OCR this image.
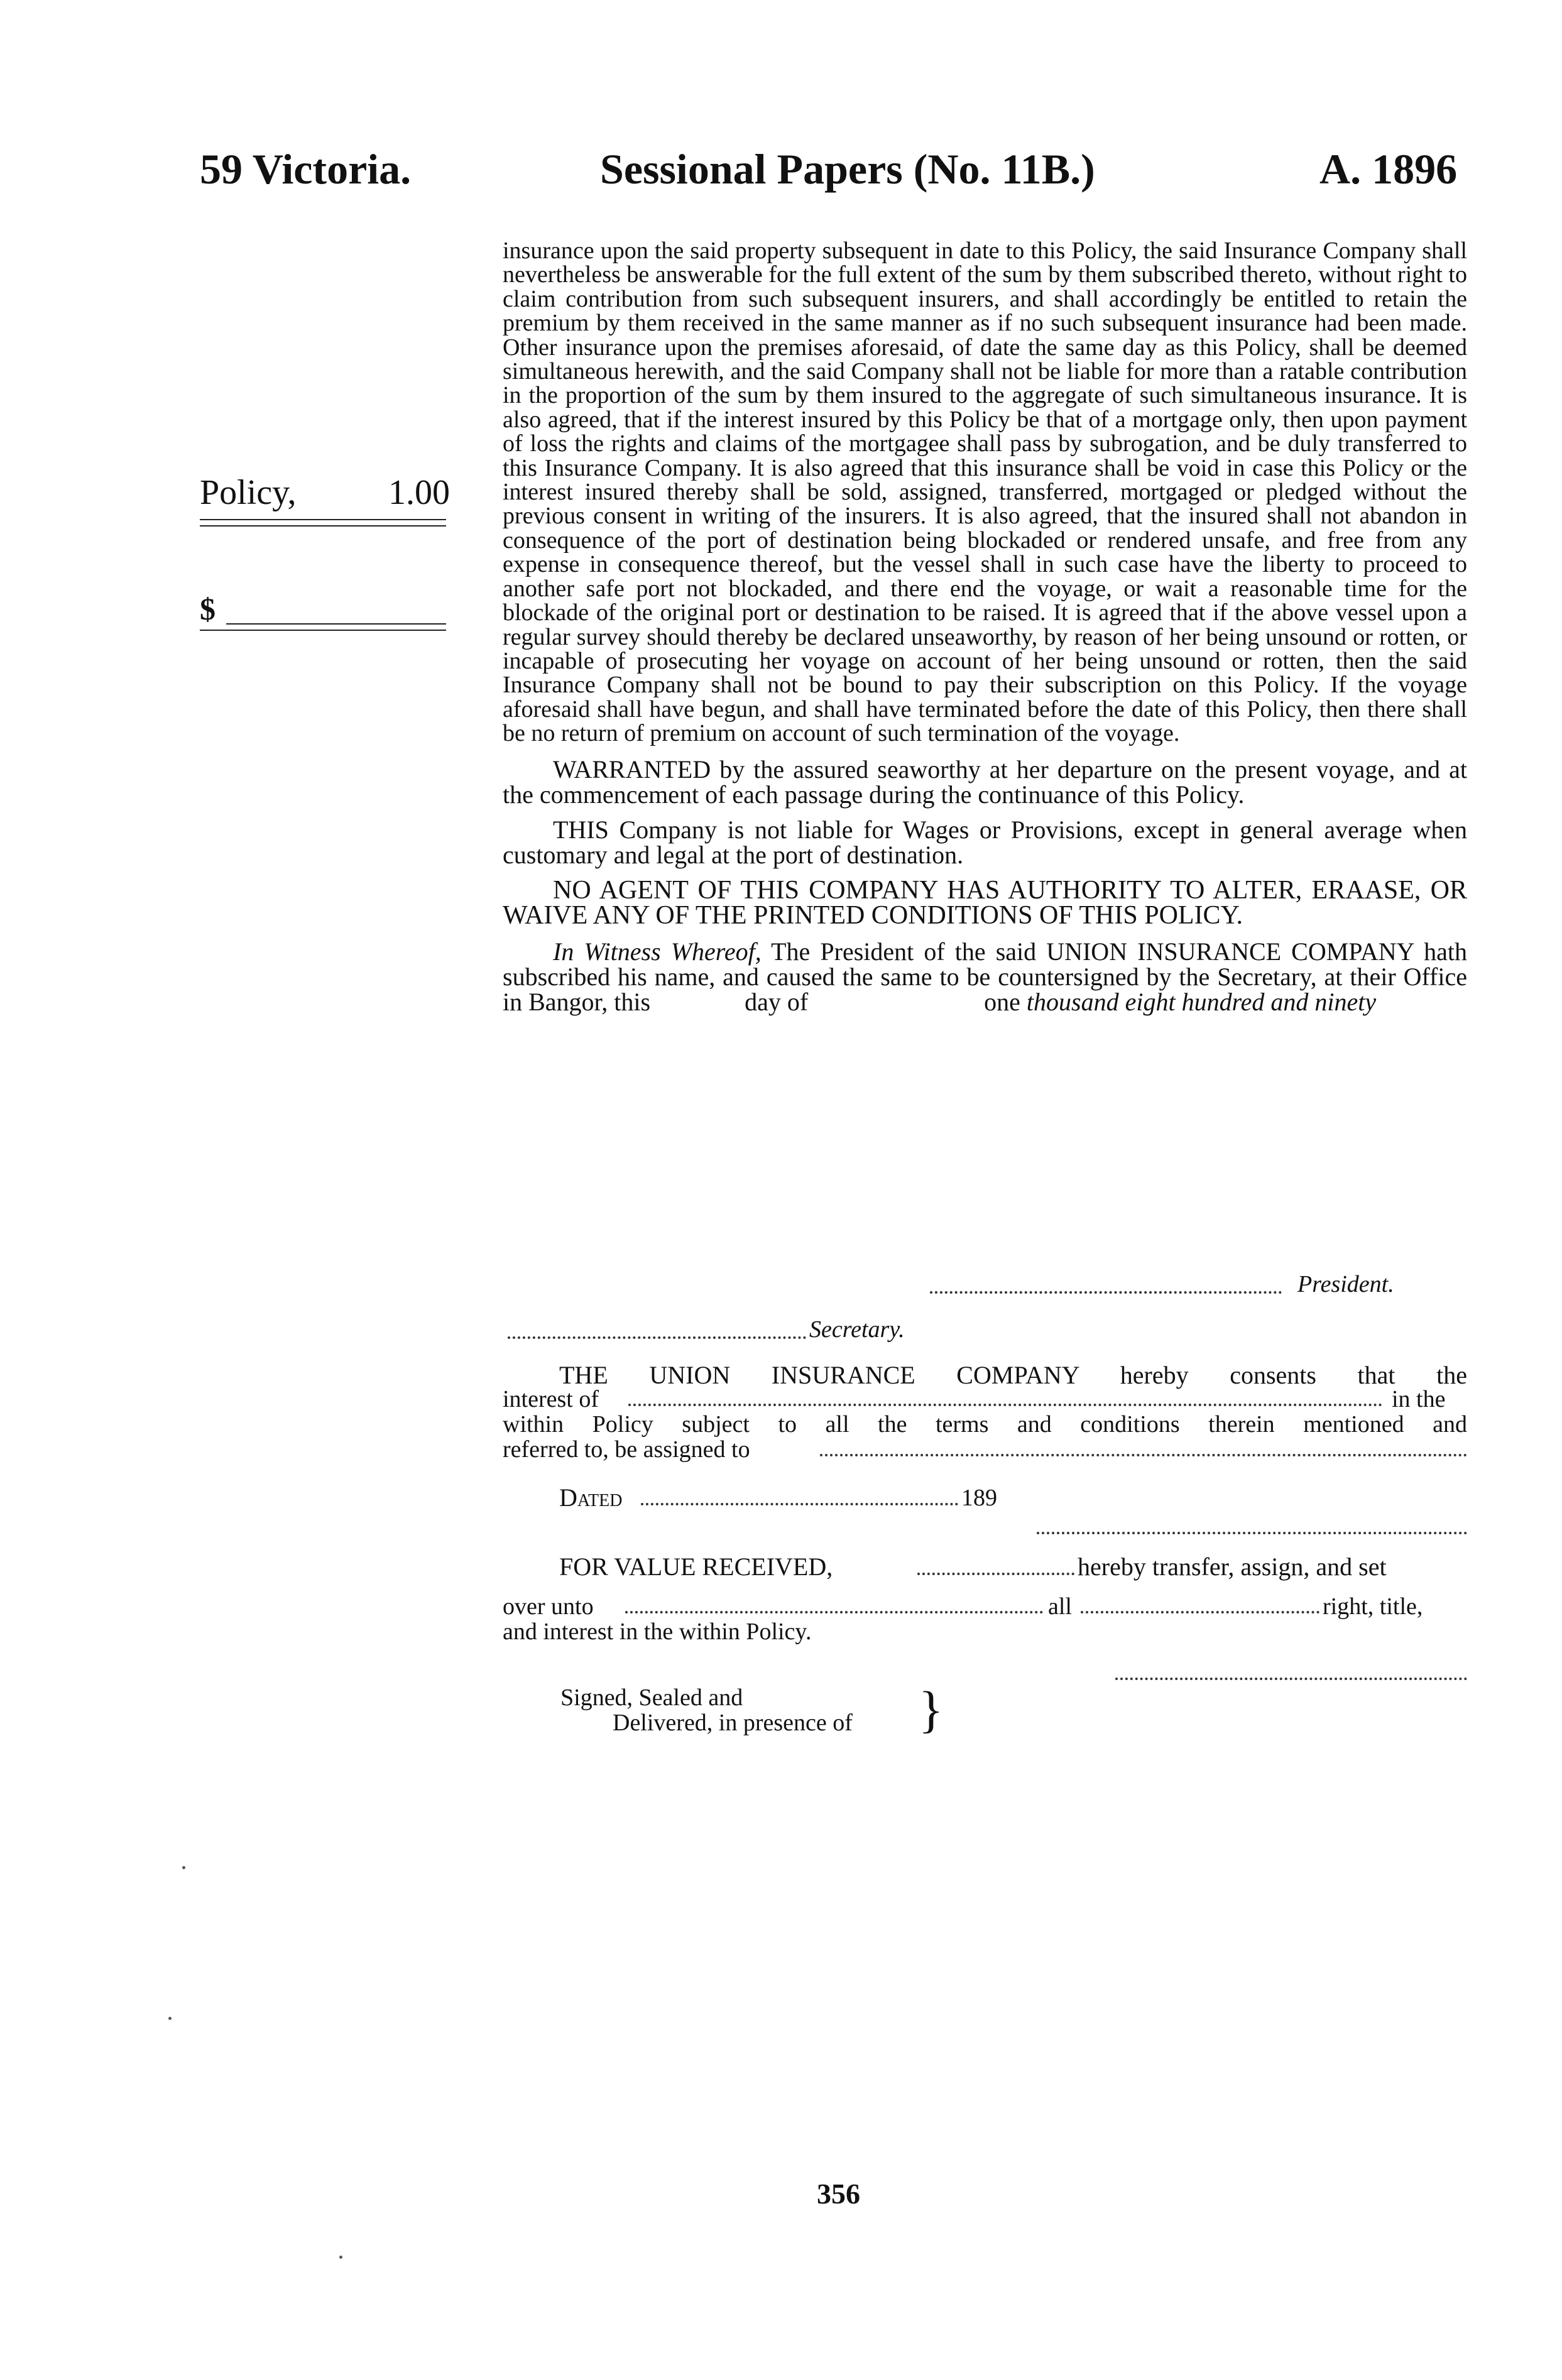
59 Victoria.	Sessional Papers (No. 11B.)	A. 1896
Policy,	1.00
$

insurance upon the said property subsequent in date to this Policy, the said Insurance Company shall nevertheless be answerable for the full extent of the sum by them subscribed thereto, without right to claim contribution from such subsequent insurers, and shall accordingly be entitled to retain the premium by them received in the same manner as if no such subsequent insurance had been made. Other insurance upon the premises aforesaid, of date the same day as this Policy, shall be deemed simultaneous herewith, and the said Company shall not be liable for more than a ratable contribution in the proportion of the sum by them insured to the aggregate of such simultaneous insurance. It is also agreed, that if the interest insured by this Policy be that of a mortgage only, then upon payment of loss the rights and claims of the mortgagee shall pass by subrogation, and be duly transferred to this Insurance Company. It is also agreed that this insurance shall be void in case this Policy or the interest insured thereby shall be sold, assigned, transferred, mortgaged or pledged without the previous consent in writing of the insurers. It is also agreed, that the insured shall not abandon in consequence of the port of destination being blockaded or rendered unsafe, and free from any expense in consequence thereof, but the vessel shall in such case have the liberty to proceed to another safe port not blockaded, and there end the voyage, or wait a reasonable time for the blockade of the original port or destination to be raised. It is agreed that if the above vessel upon a regular survey should thereby be declared unseaworthy, by reason of her being unsound or rotten, or incapable of prosecuting her voyage on account of her being unsound or rotten, then the said Insurance Company shall not be bound to pay their subscription on this Policy. If the voyage aforesaid shall have begun, and shall have terminated before the date of this Policy, then there shall be no return of premium on account of such termination of the voyage.

WARRANTED by the assured seaworthy at her departure on the present voyage, and at the commencement of each passage during the continuance of this Policy.

THIS Company is not liable for Wages or Provisions, except in general average when customary and legal at the port of destination.

NO AGENT OF THIS COMPANY HAS AUTHORITY TO ALTER, ERAASE, OR WAIVE ANY OF THE PRINTED CONDITIONS OF THIS POLICY.

In Witness Whereof, The President of the said UNION INSURANCE COMPANY hath subscribed his name, and caused the same to be countersigned by the Secretary, at their Office in Bangor, this	day of	one thousand eight hundred and ninety

President.
Secretary.
THE UNION INSURANCE COMPANY hereby consents that the
interest of	in the
within Policy subject to all the terms and conditions therein mentioned and
referred to, be assigned to
Dated	189
FOR VALUE RECEIVED,	hereby transfer, assign, and set
over unto	all	right, title,
and interest in the within Policy.
Signed, Sealed and
Delivered, in presence of }
356
